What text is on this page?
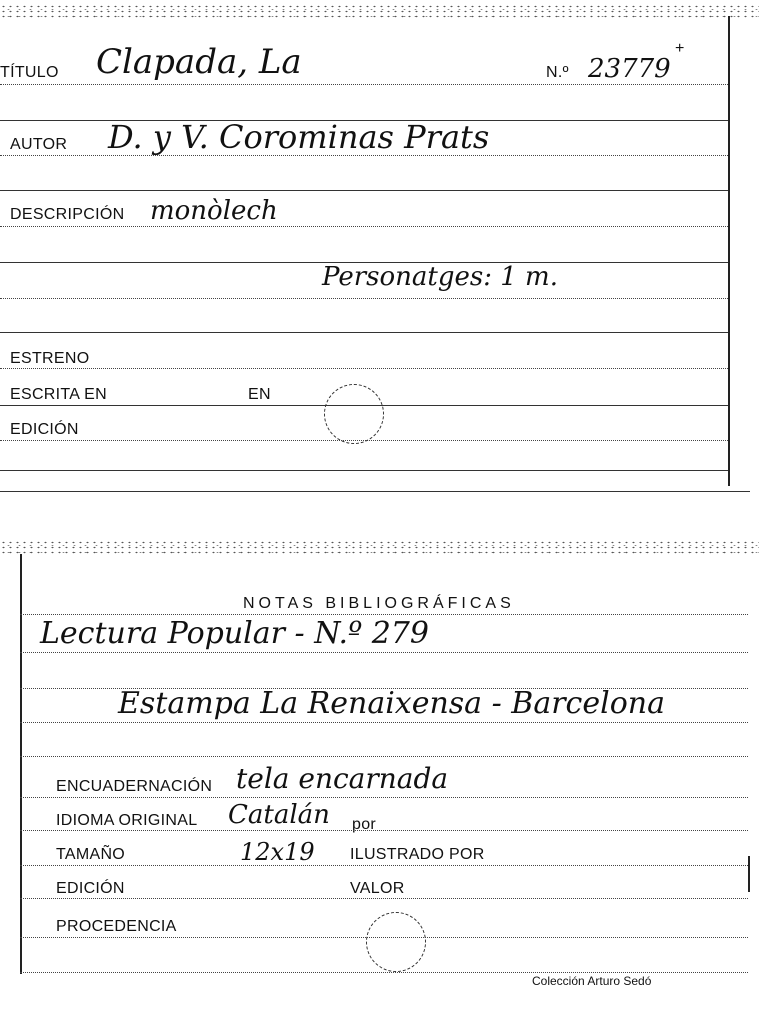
TÍTULO Clapada, La	N.º 23779
+
AUTOR D. y V. Corominas Prats
DESCRIPCIÓN monòlech
Personatges: 1 m.
ESTRENO
ESCRITA EN	EN
EDICIÓN
NOTAS BIBLIOGRÁFICAS
Lectura Popular - N.º 279
Estampa La Renaixensa - Barcelona
ENCUADERNACIÓN tela encarnada
IDIOMA ORIGINAL Catalán por
TAMAÑO	12x19 ILUSTRADO POR
EDICIÓN	VALOR
PROCEDENCIA
Colección Arturo Sedó
